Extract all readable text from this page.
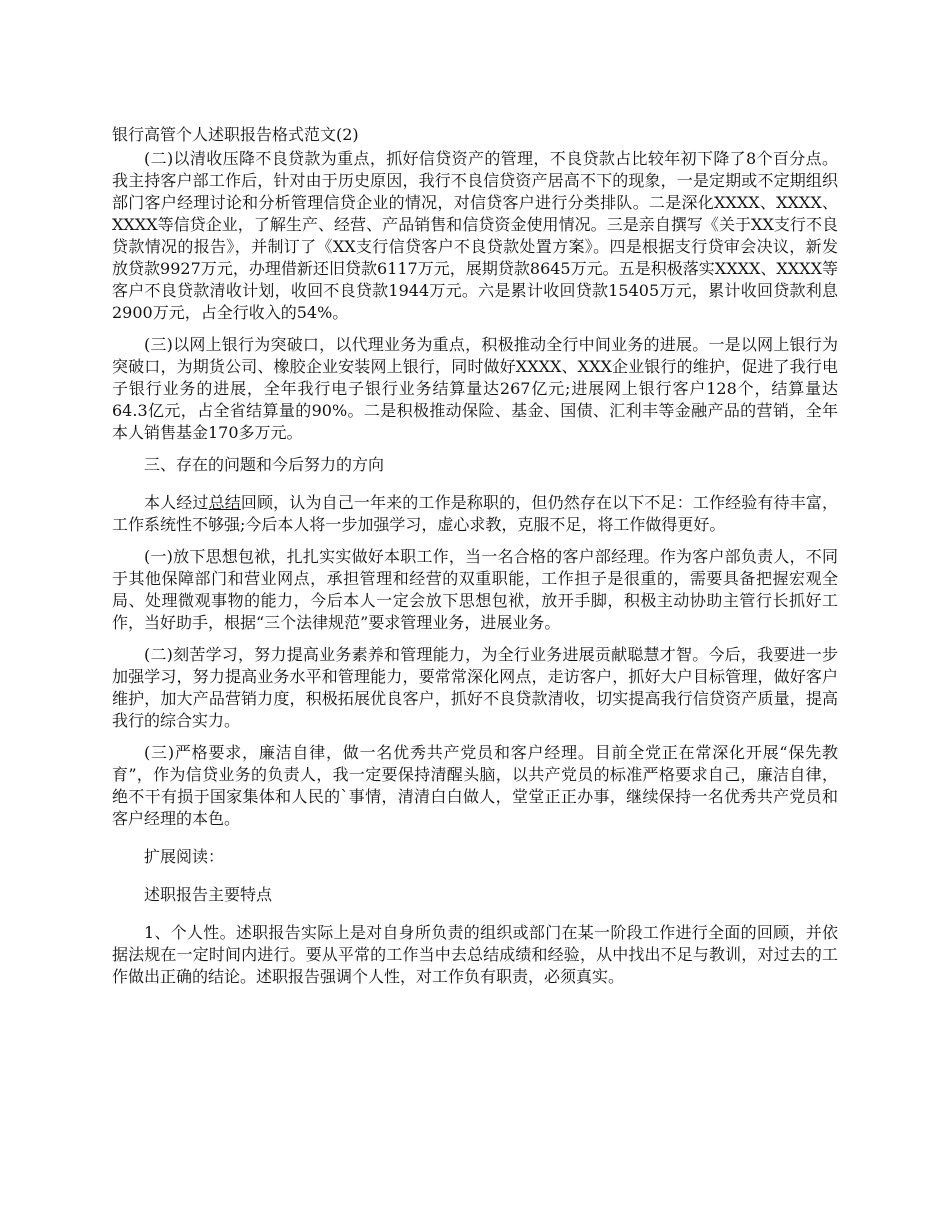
银行高管个人述职报告格式范文(2)

(二)以清收压降不良贷款为重点，抓好信贷资产的管理，不良贷款占比较年初下降了8个百分点。我主持客户部工作后，针对由于历史原因，我行不良信贷资产居高不下的现象，一是定期或不定期组织部门客户经理讨论和分析管理信贷企业的情况，对信贷客户进行分类排队。二是深化XXXX、XXXX、XXXX等信贷企业，了解生产、经营、产品销售和信贷资金使用情况。三是亲自撰写《关于XX支行不良贷款情况的报告》，并制订了《XX支行信贷客户不良贷款处置方案》。四是根据支行贷审会决议，新发放贷款9927万元，办理借新还旧贷款6117万元，展期贷款8645万元。五是积极落实XXXX、XXXX等客户不良贷款清收计划，收回不良贷款1944万元。六是累计收回贷款15405万元，累计收回贷款利息2900万元，占全行收入的54%。

(三)以网上银行为突破口，以代理业务为重点，积极推动全行中间业务的进展。一是以网上银行为突破口，为期货公司、橡胶企业安装网上银行，同时做好XXXX、XXX企业银行的维护，促进了我行电子银行业务的进展，全年我行电子银行业务结算量达267亿元;进展网上银行客户128个，结算量达64.3亿元，占全省结算量的90%。二是积极推动保险、基金、国债、汇利丰等金融产品的营销，全年本人销售基金170多万元。

三、存在的问题和今后努力的方向

本人经过总结回顾，认为自己一年来的工作是称职的，但仍然存在以下不足：工作经验有待丰富，工作系统性不够强;今后本人将一步加强学习，虚心求教，克服不足，将工作做得更好。

(一)放下思想包袱，扎扎实实做好本职工作，当一名合格的客户部经理。作为客户部负责人，不同于其他保障部门和营业网点，承担管理和经营的双重职能，工作担子是很重的，需要具备把握宏观全局、处理微观事物的能力，今后本人一定会放下思想包袱，放开手脚，积极主动协助主管行长抓好工作，当好助手，根据“三个法律规范”要求管理业务，进展业务。

(二)刻苦学习，努力提高业务素养和管理能力，为全行业务进展贡献聪慧才智。今后，我要进一步加强学习，努力提高业务水平和管理能力，要常常深化网点，走访客户，抓好大户目标管理，做好客户维护，加大产品营销力度，积极拓展优良客户，抓好不良贷款清收，切实提高我行信贷资产质量，提高我行的综合实力。

(三)严格要求，廉洁自律，做一名优秀共产党员和客户经理。目前全党正在常深化开展“保先教育”，作为信贷业务的负责人，我一定要保持清醒头脑，以共产党员的标准严格要求自己，廉洁自律，绝不干有损于国家集体和人民的`事情，清清白白做人，堂堂正正办事，继续保持一名优秀共产党员和客户经理的本色。

扩展阅读：

述职报告主要特点

1、个人性。述职报告实际上是对自身所负责的组织或部门在某一阶段工作进行全面的回顾，并依据法规在一定时间内进行。要从平常的工作当中去总结成绩和经验，从中找出不足与教训，对过去的工作做出正确的结论。述职报告强调个人性，对工作负有职责，必须真实。
